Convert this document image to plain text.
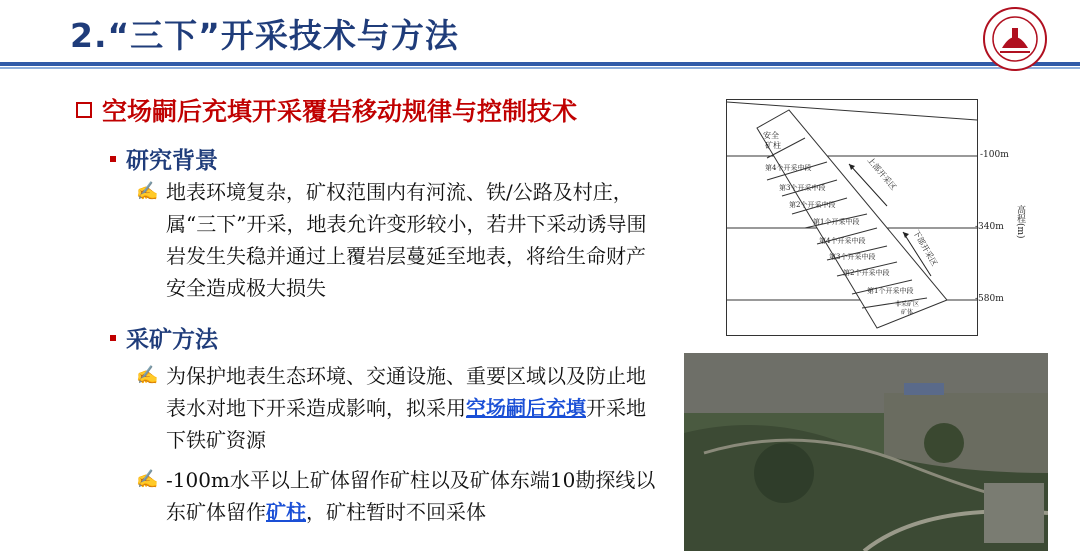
2.“三下”开采技术与方法
空场嗣后充填开采覆岩移动规律与控制技术
研究背景
✍ 地表环境复杂，矿权范围内有河流、铁/公路及村庄，属“三下”开采，地表允许变形较小，若井下采动诱导围岩发生失稳并通过上覆岩层蔓延至地表，将给生命财产安全造成极大损失
采矿方法
✍ 为保护地表生态环境、交通设施、重要区域以及防止地表水对地下开采造成影响，拟采用空场嗣后充填开采地下铁矿资源
✍ -100m水平以上矿体留作矿柱以及矿体东端10勘探线以东矿体留作矿柱，矿柱暂时不回采体
安全
矿柱
第4个开采中段
第3个开采中段
第2个开采中段
第1个开采中段
第4个开采中段
第3个开采中段
第2个开采中段
第1个开采中段
非采矿区
矿体
上部开采区
下部开采区
-100m
-340m
-580m
高程(m)
